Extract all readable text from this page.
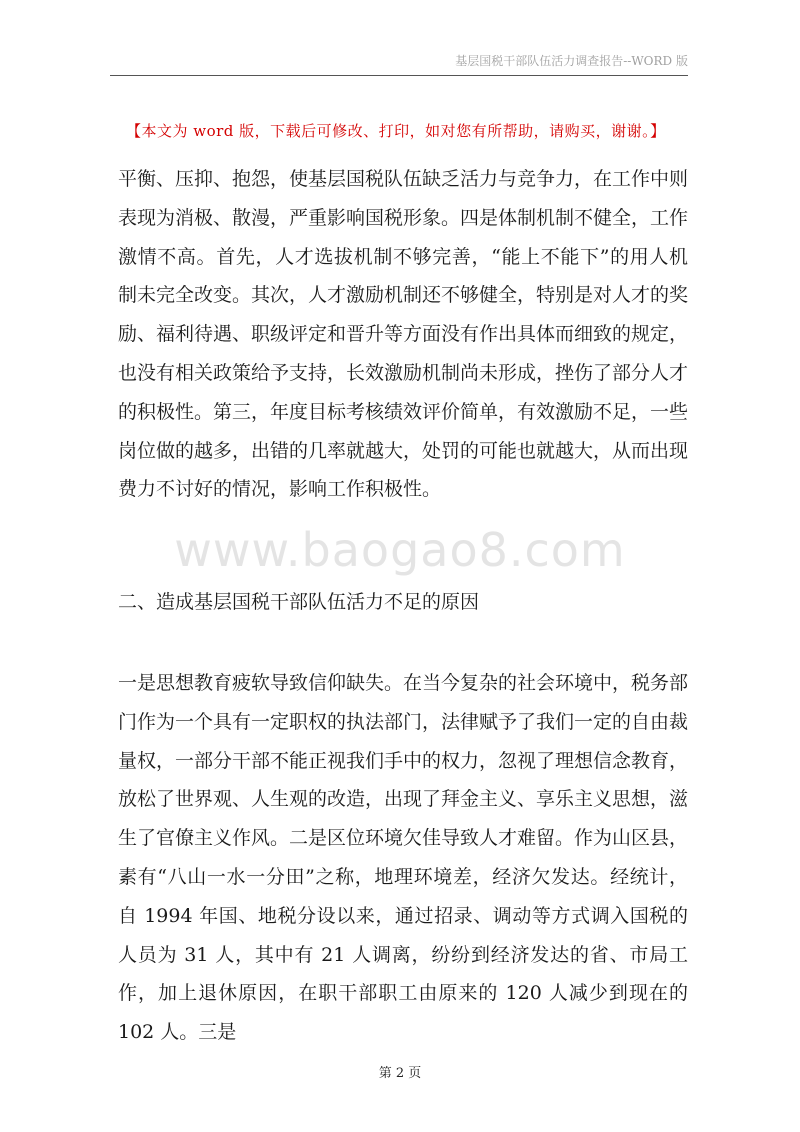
基层国税干部队伍活力调查报告--WORD 版
【本文为 word 版，下载后可修改、打印，如对您有所帮助，请购买，谢谢。】
平衡、压抑、抱怨，使基层国税队伍缺乏活力与竞争力，在工作中则表现为消极、散漫，严重影响国税形象。四是体制机制不健全，工作激情不高。首先，人才选拔机制不够完善，“能上不能下”的用人机制未完全改变。其次，人才激励机制还不够健全，特别是对人才的奖励、福利待遇、职级评定和晋升等方面没有作出具体而细致的规定，也没有相关政策给予支持，长效激励机制尚未形成，挫伤了部分人才的积极性。第三，年度目标考核绩效评价简单，有效激励不足，一些岗位做的越多，出错的几率就越大，处罚的可能也就越大，从而出现费力不讨好的情况，影响工作积极性。
www.baogao8.com
二、造成基层国税干部队伍活力不足的原因
一是思想教育疲软导致信仰缺失。在当今复杂的社会环境中，税务部门作为一个具有一定职权的执法部门，法律赋予了我们一定的自由裁量权，一部分干部不能正视我们手中的权力，忽视了理想信念教育，放松了世界观、人生观的改造，出现了拜金主义、享乐主义思想，滋生了官僚主义作风。二是区位环境欠佳导致人才难留。作为山区县，素有“八山一水一分田”之称，地理环境差，经济欠发达。经统计，自 1994 年国、地税分设以来，通过招录、调动等方式调入国税的人员为 31 人，其中有 21 人调离，纷纷到经济发达的省、市局工作，加上退休原因，在职干部职工由原来的 120 人减少到现在的 102 人。三是
第 2 页
